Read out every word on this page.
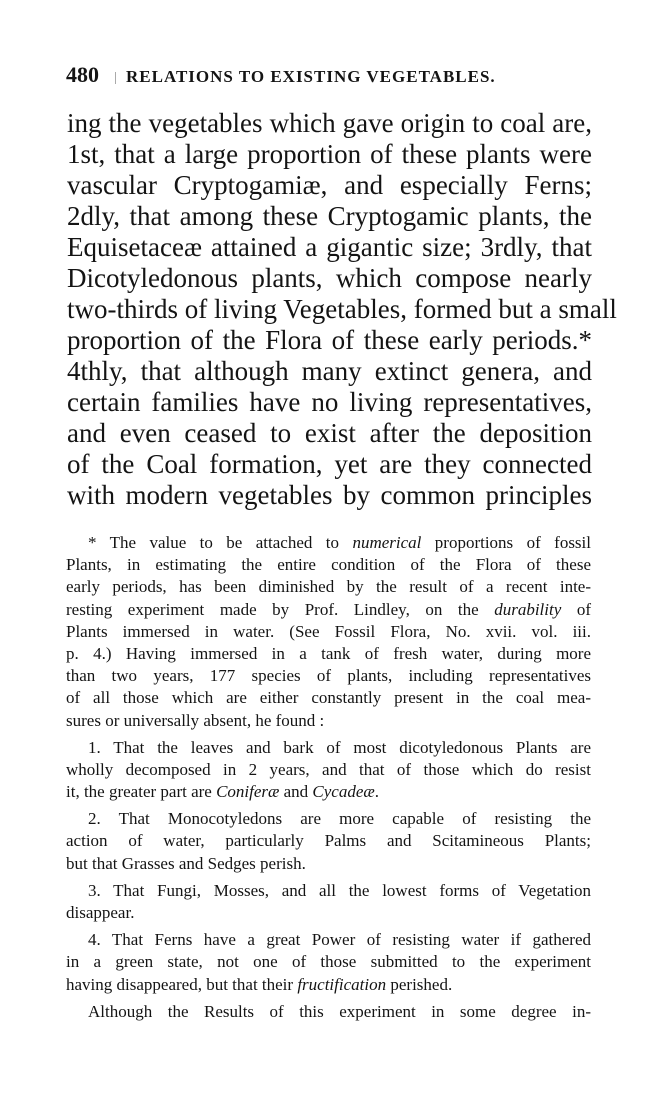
480 RELATIONS TO EXISTING VEGETABLES.
ing the vegetables which gave origin to coal are,
1st, that a large proportion of these plants were
vascular Cryptogamiæ, and especially Ferns;
2dly, that among these Cryptogamic plants, the
Equisetaceæ attained a gigantic size; 3rdly, that
Dicotyledonous plants, which compose nearly
two-thirds of living Vegetables, formed but a small
proportion of the Flora of these early periods.*
4thly, that although many extinct genera, and
certain families have no living representatives,
and even ceased to exist after the deposition
of the Coal formation, yet are they connected
with modern vegetables by common principles
* The value to be attached to numerical proportions of fossil
Plants, in estimating the entire condition of the Flora of these
early periods, has been diminished by the result of a recent inte-
resting experiment made by Prof. Lindley, on the durability of
Plants immersed in water. (See Fossil Flora, No. xvii. vol. iii.
p. 4.) Having immersed in a tank of fresh water, during more
than two years, 177 species of plants, including representatives
of all those which are either constantly present in the coal mea-
sures or universally absent, he found :
1. That the leaves and bark of most dicotyledonous Plants are
wholly decomposed in 2 years, and that of those which do resist
it, the greater part are Coniferæ and Cycadeæ.
2. That Monocotyledons are more capable of resisting the
action of water, particularly Palms and Scitamineous Plants;
but that Grasses and Sedges perish.
3. That Fungi, Mosses, and all the lowest forms of Vegetation
disappear.
4. That Ferns have a great Power of resisting water if gathered
in a green state, not one of those submitted to the experiment
having disappeared, but that their fructification perished.
Although the Results of this experiment in some degree in-
